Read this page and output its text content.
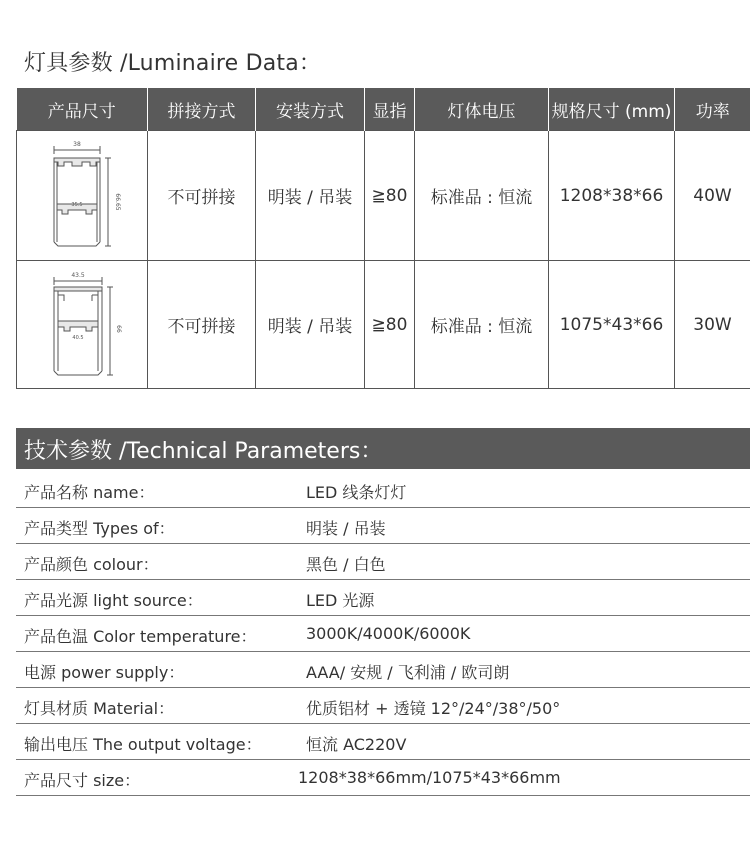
灯具参数 /Luminaire Data：
产品尺寸	拼接方式	安装方式	显指	灯体电压	规格尺寸 (mm)	功率

38
35.5 66.65	不可拼接	明装 / 吊装	≧80	标准品 : 恒流	1208*38*66	40W

43.5
40.5
66	不可拼接	明装 / 吊装	≧80	标准品 : 恒流	1075*43*66	30W
技术参数 /Technical Parameters：
产品名称 name：	LED 线条灯灯
产品类型 Types of：	明装 / 吊装
产品颜色 colour：	黑色 / 白色
产品光源 light source：	LED 光源
产品色温 Color temperature：	3000K/4000K/6000K
电源 power supply：	AAA/ 安规 / 飞利浦 / 欧司朗
灯具材质 Material：	优质铝材 + 透镜 12°/24°/38°/50°
输出电压 The output voltage：	恒流 AC220V
产品尺寸 size：	1208*38*66mm/1075*43*66mm
